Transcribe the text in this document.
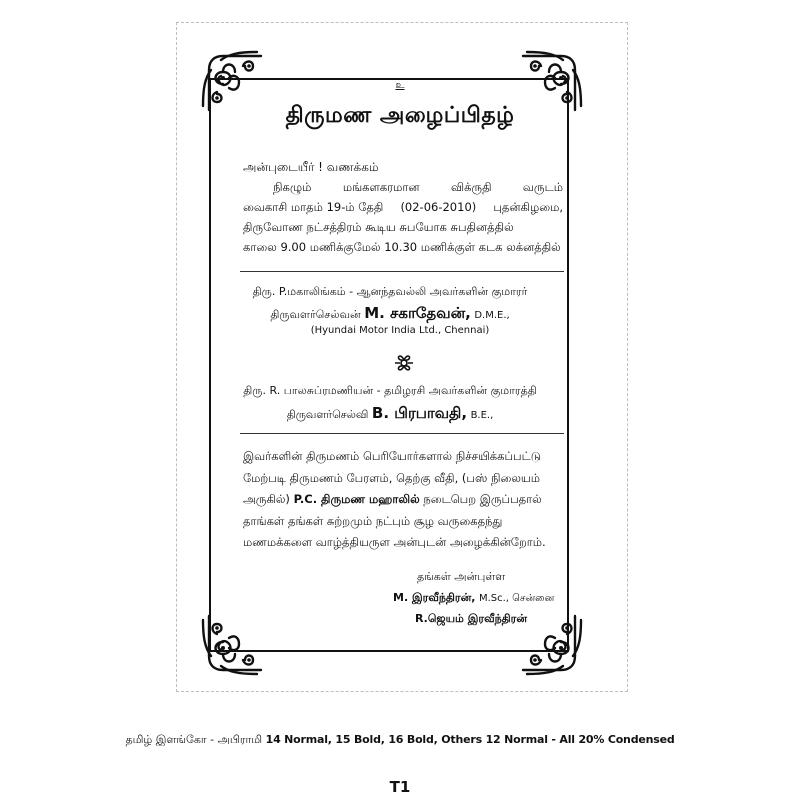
உ
திருமண அழைப்பிதழ்
அன்புடையீர் ! வணக்கம்
நிகழும்	மங்களகரமான	விக்ருதி	வருடம்
வைகாசி மாதம் 19-ம் தேதி (02-06-2010) புதன்கிழமை,
திருவோண நட்சத்திரம் கூடிய சுபயோக சுபதினத்தில்
காலை 9.00 மணிக்குமேல் 10.30 மணிக்குள் கடக லக்னத்தில்
திரு. P.மகாலிங்கம் - ஆனந்தவல்லி அவர்களின் குமாரர்
திருவளர்செல்வன் M. சகாதேவன், D.M.E.,
(Hyundai Motor India Ltd., Chennai)
திரு. R. பாலசுப்ரமணியன் - தமிழரசி அவர்களின் குமாரத்தி
திருவளர்செல்வி B. பிரபாவதி, B.E.,
இவர்களின் திருமணம் பெரியோர்களால் நிச்சயிக்கப்பட்டு
மேற்படி திருமணம் பேரளம், தெற்கு வீதி, (பஸ் நிலையம்
அருகில்)
P.C. திருமண மஹாலில்
நடைபெற இருப்பதால்
தாங்கள் தங்கள் சுற்றமும் நட்பும் சூழ வருகைதந்து
மணமக்களை வாழ்த்தியருள அன்புடன் அழைக்கின்றோம்.
தங்கள் அன்புள்ள
M. இரவீந்திரன், M.Sc., சென்னை
R.ஜெயம் இரவீந்திரன்
தமிழ் இளங்கோ - அபிராமி 14 Normal, 15 Bold, 16 Bold, Others 12 Normal - All 20% Condensed
T1
